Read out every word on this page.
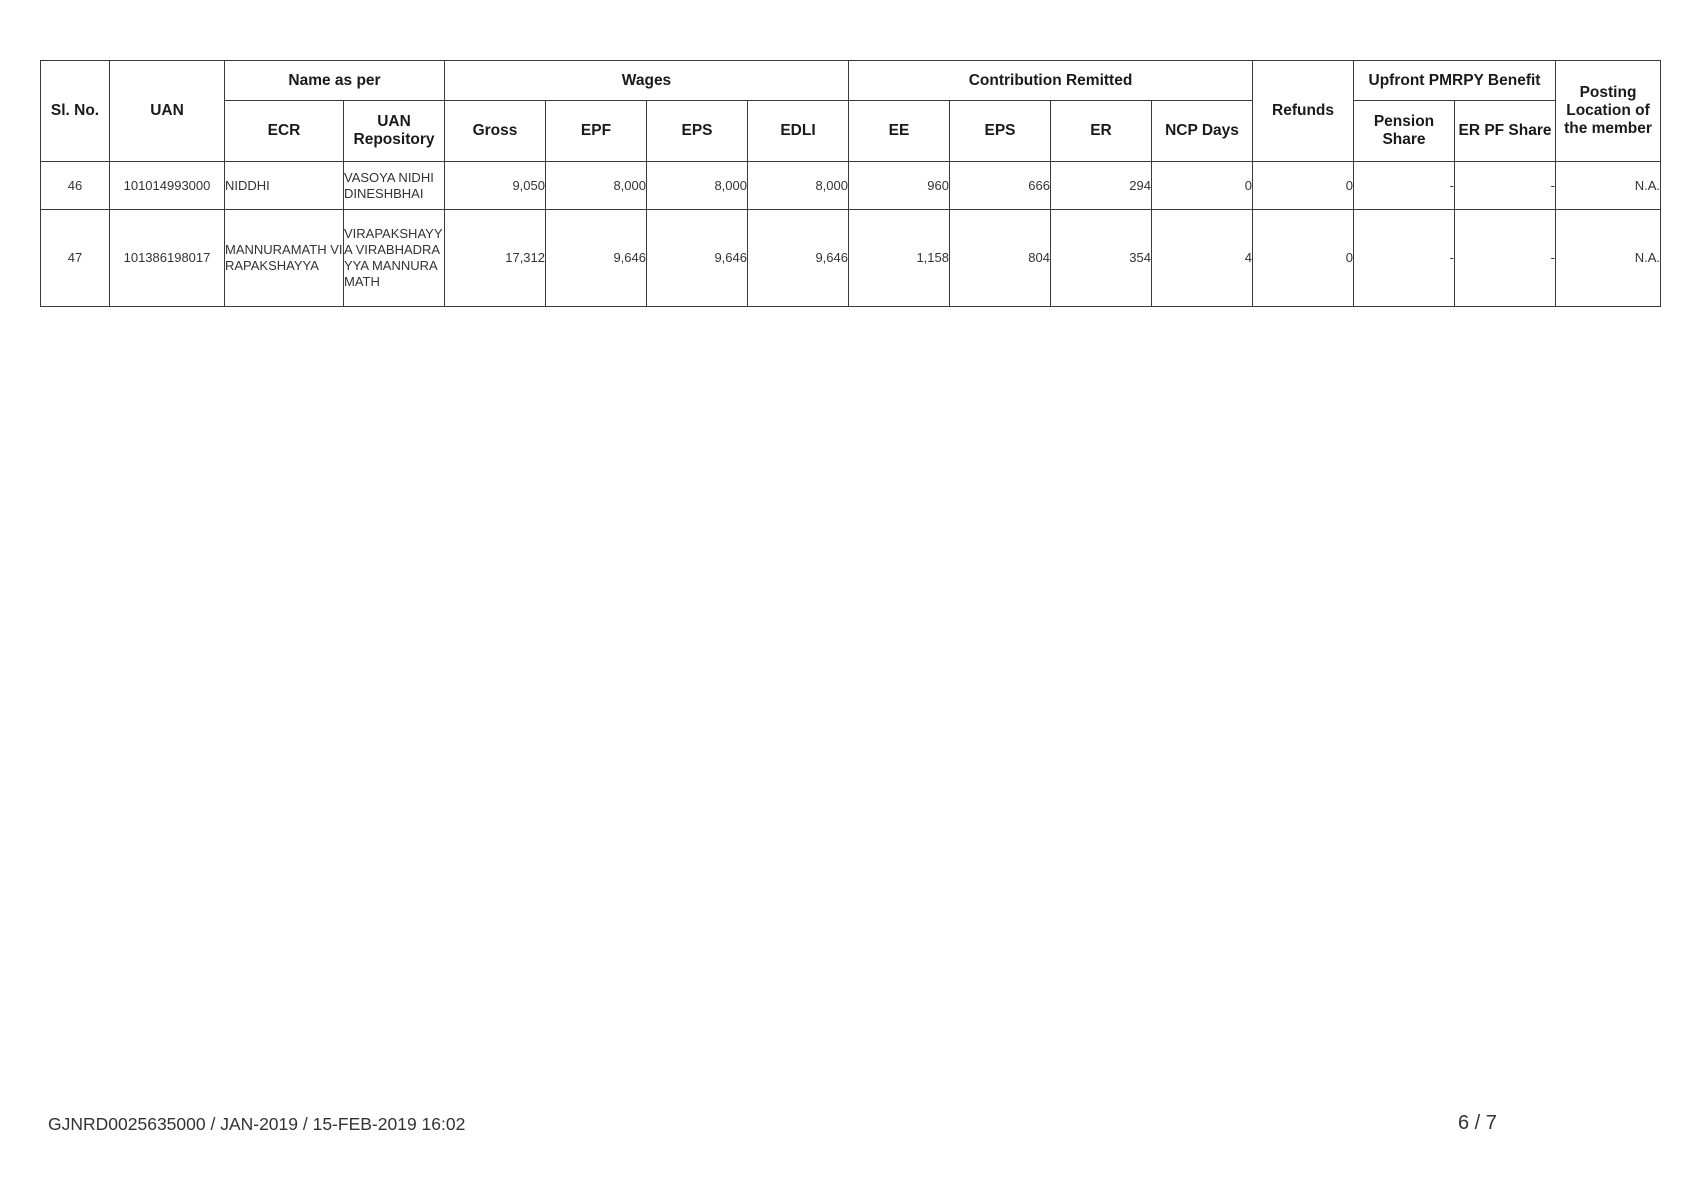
Sl. No.	UAN	Name as per		Wages				Contribution Remitted				Refunds	Upfront PMRPY Benefit		Posting Location of the member
		ECR	UAN Repository	Gross	EPF	EPS	EDLI	EE	EPS	ER	NCP Days		Pension Share	ER PF Share	
46	101014993000	NIDDHI	VASOYA NIDHI DINESHBHAI	9,050	8,000	8,000	8,000	960	666	294	0	0	-	-	N.A.
47	101386198017	MANNURAMATH VIRAPAKSHAYYA	VIRAPAKSHAYYA VIRABHADRAYYA MANNURAMATH	17,312	9,646	9,646	9,646	1,158	804	354	4	0	-	-	N.A.
GJNRD0025635000 / JAN-2019 / 15-FEB-2019 16:02	6 / 7
